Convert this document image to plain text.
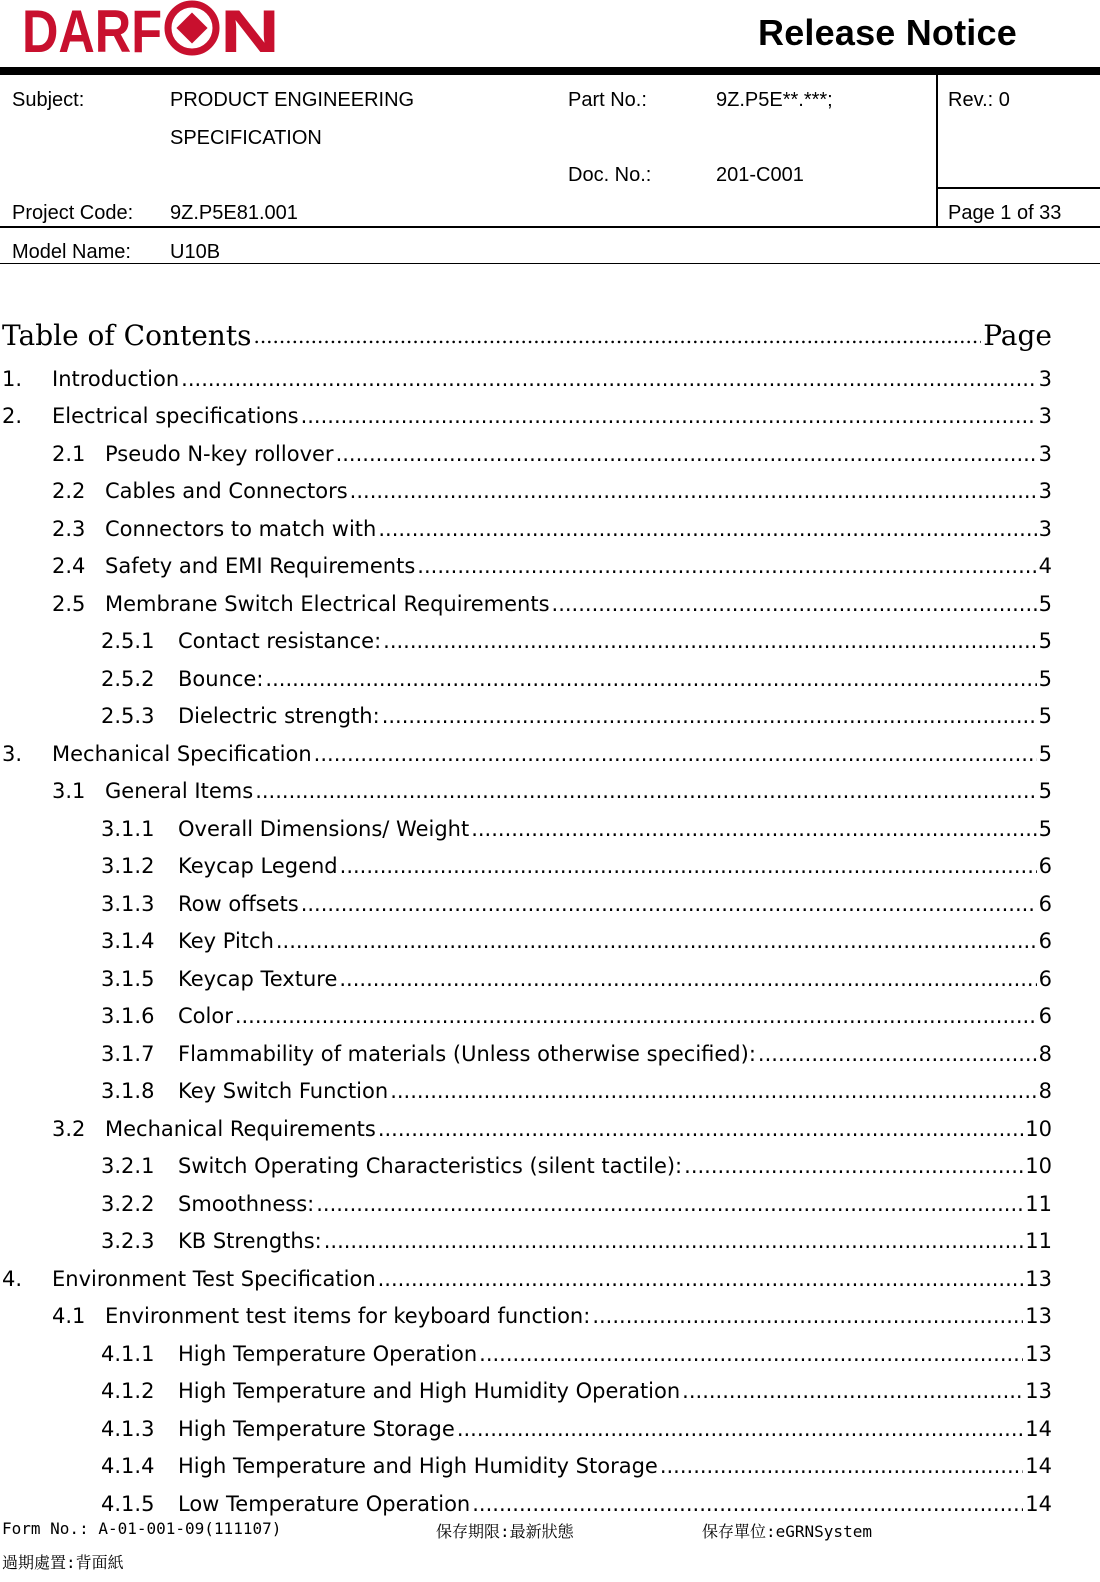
DARF N	Release Notice
Subject:	PRODUCT ENGINEERING
SPECIFICATION
Part No.:	9Z.P5E**.***;	Rev.: 0
Doc. No.:	201-C001
Project Code: 9Z.P5E81.001	Page 1 of 33
Model Name: U10B
Table of Contents .....	Page
1. Introduction .....	3
2. Electrical specifications .....	3
2.1 Pseudo N-key rollover .....	3
2.2 Cables and Connectors .....	3
2.3 Connectors to match with .....	3
2.4 Safety and EMI Requirements .....	4
2.5 Membrane Switch Electrical Requirements .....	5
2.5.1 Contact resistance: .....	5
2.5.2 Bounce: .....	5
2.5.3 Dielectric strength: .....	5
3. Mechanical Specification .....	5
3.1 General Items .....	5
3.1.1 Overall Dimensions/ Weight .....	5
3.1.2 Keycap Legend .....	6
3.1.3 Row offsets .....	6
3.1.4 Key Pitch .....	6
3.1.5 Keycap Texture .....	6
3.1.6 Color .....	6
3.1.7 Flammability of materials (Unless otherwise specified): .....	8
3.1.8 Key Switch Function .....	8
3.2 Mechanical Requirements .....	10
3.2.1 Switch Operating Characteristics (silent tactile): .....	10
3.2.2 Smoothness: .....	11
3.2.3 KB Strengths: .....	11
4. Environment Test Specification .....	13
4.1 Environment test items for keyboard function: .....	13
4.1.1 High Temperature Operation .....	13
4.1.2 High Temperature and High Humidity Operation .....	13
4.1.3 High Temperature Storage .....	14
4.1.4 High Temperature and High Humidity Storage .....	14
4.1.5 Low Temperature Operation .....	14
Form No.: A-01-001-09(111107)	保存期限:最新狀態	保存單位:eGRNSystem
過期處置:背面紙
